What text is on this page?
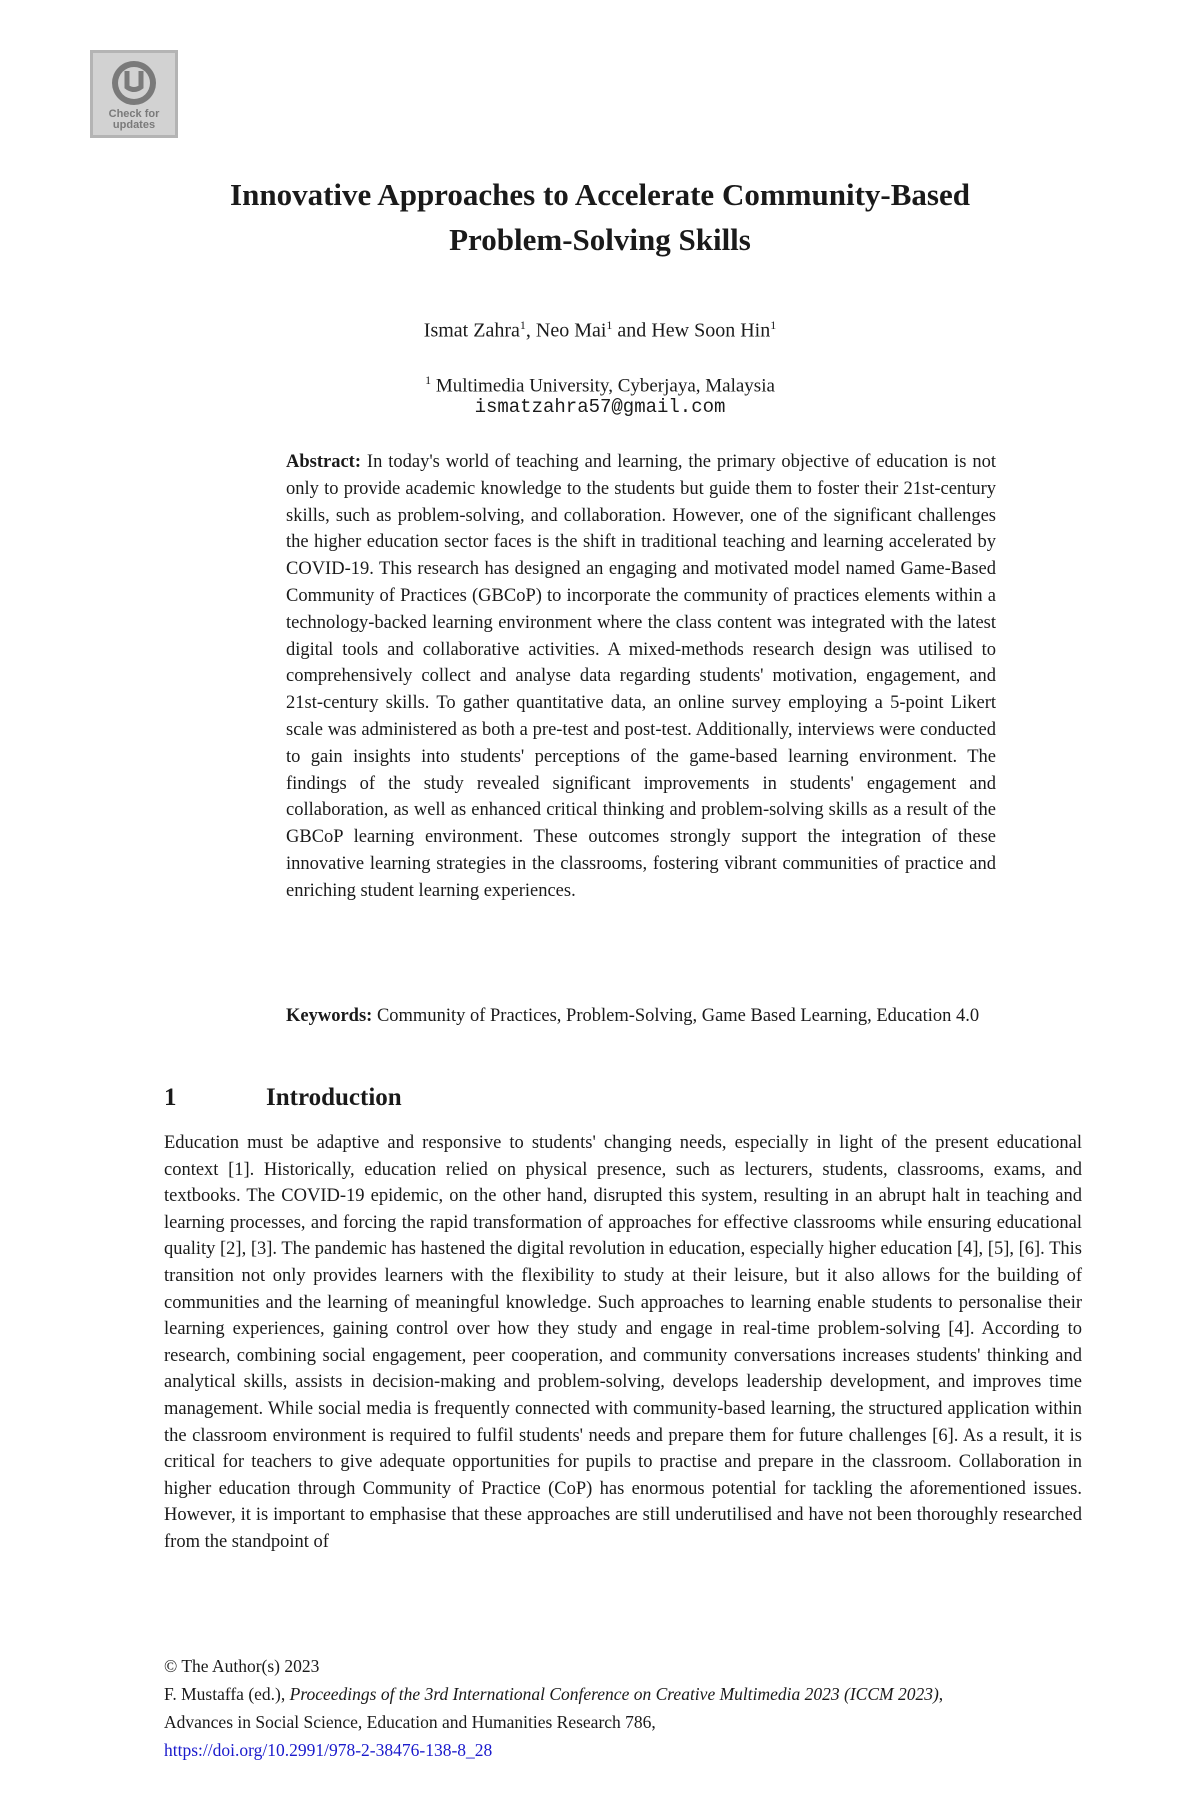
Check for
updates
Innovative Approaches to Accelerate Community-Based
Problem-Solving Skills
Ismat Zahra$^1$, Neo Mai$^1$ and Hew Soon Hin$^1$
$^1$ Multimedia University, Cyberjaya, Malaysia
ismatzahra57@gmail.com

Abstract: In today's world of teaching and learning, the primary objective of education is not only to provide academic knowledge to the students but guide them to foster their 21st-century skills, such as problem-solving, and collaboration. However, one of the significant challenges the higher education sector faces is the shift in traditional teaching and learning accelerated by COVID-19. This research has designed an engaging and motivated model named Game-Based Community of Practices (GBCoP) to incorporate the community of practices elements within a technology-backed learning environment where the class content was integrated with the latest digital tools and collaborative activities. A mixed-methods research design was utilised to comprehensively collect and analyse data regarding students' motivation, engagement, and 21st-century skills. To gather quantitative data, an online survey employing a 5-point Likert scale was administered as both a pre-test and post-test. Additionally, interviews were conducted to gain insights into students' perceptions of the game-based learning environment. The findings of the study revealed significant improvements in students' engagement and collaboration, as well as enhanced critical thinking and problem-solving skills as a result of the GBCoP learning environment. These outcomes strongly support the integration of these innovative learning strategies in the classrooms, fostering vibrant communities of practice and enriching student learning experiences.

Keywords: Community of Practices, Problem-Solving, Game Based Learning, Education 4.0

1	Introduction

Education must be adaptive and responsive to students' changing needs, especially in light of the present educational context [1]. Historically, education relied on physical presence, such as lecturers, students, classrooms, exams, and textbooks. The COVID-19 epidemic, on the other hand, disrupted this system, resulting in an abrupt halt in teaching and learning processes, and forcing the rapid transformation of approaches for effective classrooms while ensuring educational quality [2], [3]. The pandemic has hastened the digital revolution in education, especially higher education [4], [5], [6]. This transition not only provides learners with the flexibility to study at their leisure, but it also allows for the building of communities and the learning of meaningful knowledge. Such approaches to learning enable students to personalise their learning experiences, gaining control over how they study and engage in real-time problem-solving [4]. According to research, combining social engagement, peer cooperation, and community conversations increases students' thinking and analytical skills, assists in decision-making and problem-solving, develops leadership development, and improves time management. While social media is frequently connected with community-based learning, the structured application within the classroom environment is required to fulfil students' needs and prepare them for future challenges [6]. As a result, it is critical for teachers to give adequate opportunities for pupils to practise and prepare in the classroom. Collaboration in higher education through Community of Practice (CoP) has enormous potential for tackling the aforementioned issues. However, it is important to emphasise that these approaches are still underutilised and have not been thoroughly researched from the standpoint of

© The Author(s) 2023
F. Mustaffa (ed.), Proceedings of the 3rd International Conference on Creative Multimedia 2023 (ICCM 2023),
Advances in Social Science, Education and Humanities Research 786,
https://doi.org/10.2991/978-2-38476-138-8_28
